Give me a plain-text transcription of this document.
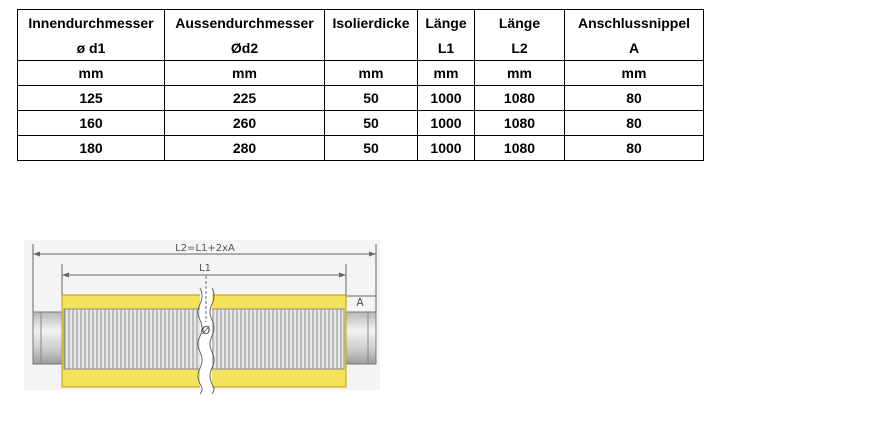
Innendurchmesser	Aussendurchmesser	Isolierdicke	Länge	Länge	Anschlussnippel
ø d1	Ød2		L1	L2	A
mm	mm	mm	mm	mm	mm
125	225	50	1000	1080	80
160	260	50	1000	1080	80
180	280	50	1000	1080	80
L2=L1+2xA
L1
A
Ø
